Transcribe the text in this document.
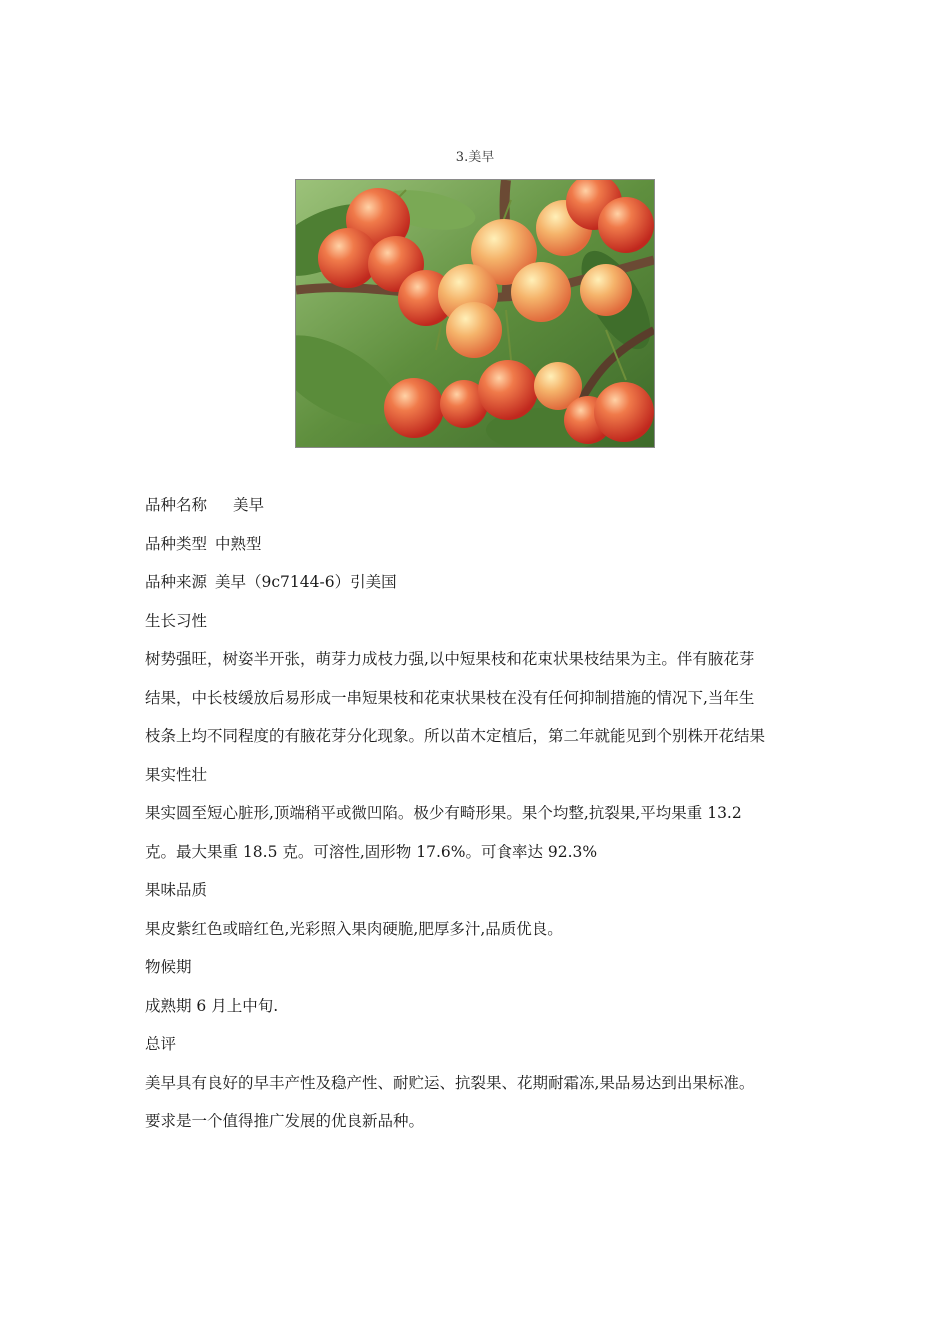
3.美早

品种名称 美早

品种类型 中熟型

品种来源 美早（9c7144-6）引美国

生长习性

树势强旺，树姿半开张，萌芽力成枝力强,以中短果枝和花束状果枝结果为主。伴有腋花芽

结果，中长枝缓放后易形成一串短果枝和花束状果枝在没有任何抑制措施的情况下,当年生

枝条上均不同程度的有腋花芽分化现象。所以苗木定植后，第二年就能见到个别株开花结果

果实性壮

果实圆至短心脏形,顶端稍平或微凹陷。极少有畸形果。果个均整,抗裂果,平均果重 13.2

克。最大果重 18.5 克。可溶性,固形物 17.6%。可食率达 92.3%

果味品质

果皮紫红色或暗红色,光彩照入果肉硬脆,肥厚多汁,品质优良。

物候期

成熟期 6 月上中旬.

总评

美早具有良好的早丰产性及稳产性、耐贮运、抗裂果、花期耐霜冻,果品易达到出果标准。

要求是一个值得推广发展的优良新品种。
